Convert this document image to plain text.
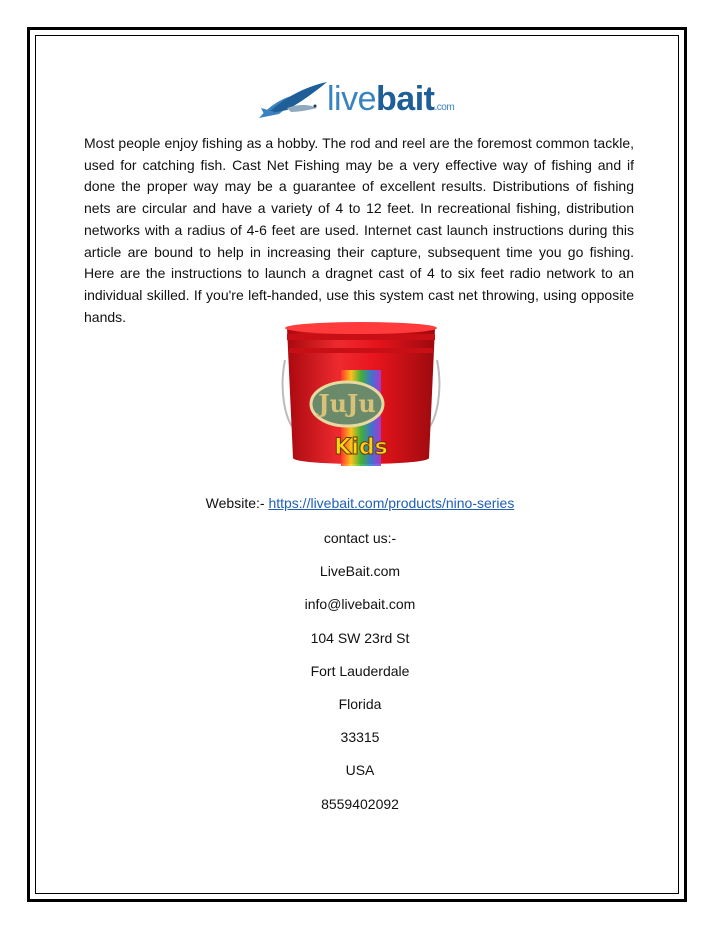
livebait.com
Most people enjoy fishing as a hobby. The rod and reel are the foremost common tackle, used for catching fish. Cast Net Fishing may be a very effective way of fishing and if done the proper way may be a guarantee of excellent results. Distributions of fishing nets are circular and have a variety of 4 to 12 feet. In recreational fishing, distribution networks with a radius of 4-6 feet are used. Internet cast launch instructions during this article are bound to help in increasing their capture, subsequent time you go fishing. Here are the instructions to launch a dragnet cast of 4 to six feet radio network to an individual skilled. If you're left-handed, use this system cast net throwing, using opposite hands.
JuJu
Kids
Website:- https://livebait.com/products/nino-series
contact us:-
LiveBait.com
info@livebait.com
104 SW 23rd St
Fort Lauderdale
Florida
33315
USA
8559402092
